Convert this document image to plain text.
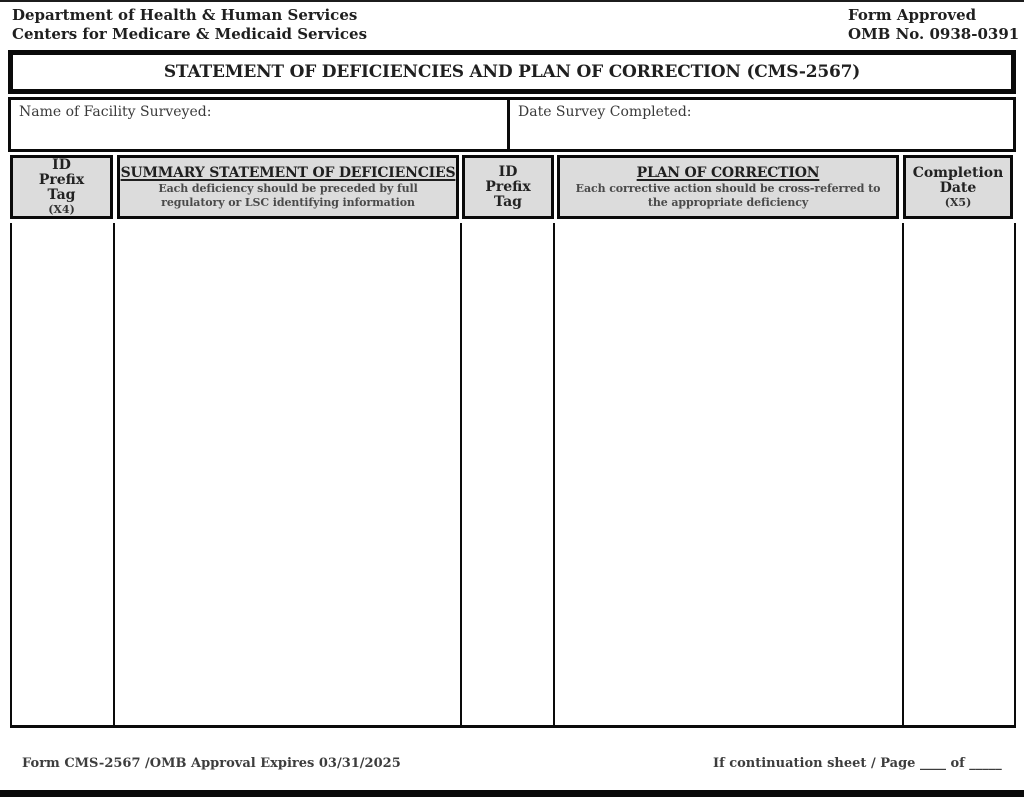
Department of Health & Human Services
Centers for Medicare & Medicaid Services
Form Approved
OMB No. 0938-0391
STATEMENT OF DEFICIENCIES AND PLAN OF CORRECTION (CMS-2567)
Name of Facility Surveyed:	Date Survey Completed:
ID
Prefix
Tag
(X4)
SUMMARY STATEMENT OF DEFICIENCIES
Each deficiency should be preceded by full
regulatory or LSC identifying information
ID
Prefix
Tag
PLAN OF CORRECTION
Each corrective action should be cross-referred to
the appropriate deficiency
Completion
Date
(X5)
Form CMS-2567 /OMB Approval Expires 03/31/2025	If continuation sheet / Page ____ of _____
